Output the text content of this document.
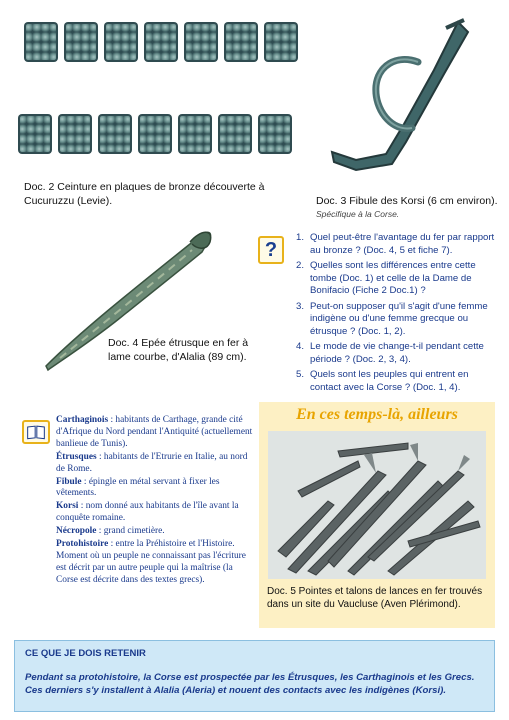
Doc. 2 Ceinture en plaques de bronze découverte à Cucuruzzu (Levie).	Doc. 3 Fibule des Korsi (6 cm environ).
Spécifique à la Corse.
?
1. Quel peut-être l'avantage du fer par rapport au bronze ? (Doc. 4, 5 et fiche 7).
2. Quelles sont les différences entre cette tombe (Doc. 1) et celle de la Dame de Bonifacio (Fiche 2 Doc.1) ?
3. Peut-on supposer qu'il s'agit d'une femme indigène ou d'une femme grecque ou étrusque ? (Doc. 1, 2).
4. Le mode de vie change-t-il pendant cette période ? (Doc. 2, 3, 4).
5. Quels sont les peuples qui entrent en contact avec la Corse ? (Doc. 1, 4).
Doc. 4 Epée étrusque en fer à lame courbe, d'Alalia (89 cm).

Carthaginois : habitants de Carthage, grande cité d'Afrique du Nord pendant l'Antiquité (actuellement banlieue de Tunis).

Étrusques : habitants de l'Etrurie en Italie, au nord de Rome.

Fibule : épingle en métal servant à fixer les vêtements.

Korsi : nom donné aux habitants de l'île avant la conquête romaine.

Nécropole : grand cimetière.

Protohistoire : entre la Préhistoire et l'Histoire. Moment où un peuple ne connaissant pas l'écriture est décrit par un autre peuple qui la maîtrise (la Corse est décrite dans des textes grecs).

En ces temps-là, ailleurs
Doc. 5 Pointes et talons de lances en fer trouvés dans un site du Vaucluse (Aven Plérimond).
CE QUE JE DOIS RETENIR
Pendant sa protohistoire, la Corse est prospectée par les Étrusques, les Carthaginois et les Grecs. Ces derniers s'y installent à Alalia (Aleria) et nouent des contacts avec les indigènes (Korsi).
